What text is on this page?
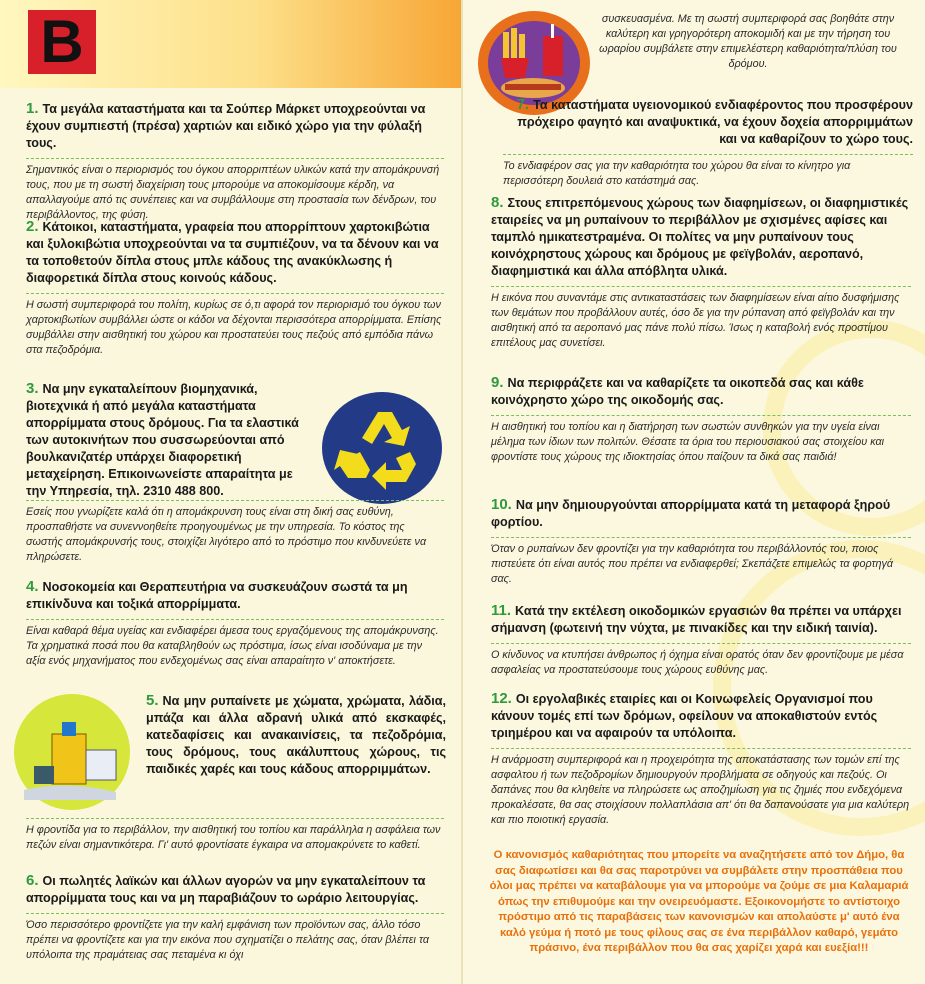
B

1. Τα μεγάλα καταστήματα και τα Σούπερ Μάρκετ υποχρεούνται να έχουν συμπιεστή (πρέσα) χαρτιών και ειδικό χώρο για την φύλαξή τους.

Σημαντικός είναι ο περιορισμός του όγκου απορριπτέων υλικών κατά την απομάκρυνσή τους, που με τη σωστή διαχείριση τους μπορούμε να αποκομίσουμε κέρδη, να απαλλαγούμε από τις συνέπειες και να συμβάλλουμε στη προστασία των δένδρων, του περιβάλλοντος, της φύση.

2. Κάτοικοι, καταστήματα, γραφεία που απορρίπτουν χαρτοκιβώτια και ξυλοκιβώτια υποχρεούνται να τα συμπιέζουν, να τα δένουν και να τα τοποθετούν δίπλα στους μπλε κάδους της ανακύκλωσης ή διαφορετικά δίπλα στους κοινούς κάδους.

Η σωστή συμπεριφορά του πολίτη, κυρίως σε ό,τι αφορά τον περιορισμό του όγκου των χαρτοκιβωτίων συμβάλλει ώστε οι κάδοι να δέχονται περισσότερα απορρίμματα. Επίσης συμβάλλει στην αισθητική του χώρου και προστατεύει τους πεζούς από εμπόδια πάνω στα πεζοδρόμια.

3. Να μην εγκαταλείπουν βιομηχανικά, βιοτεχνικά ή από μεγάλα καταστήματα απορρίμματα στους δρόμους. Για τα ελαστικά των αυτοκινήτων που συσσωρεύονται από βουλκανιζατέρ υπάρχει διαφορετική μεταχείρηση. Επικοινωνείστε απαραίτητα με την Υπηρεσία, τηλ. 2310 488 800.

Εσείς που γνωρίζετε καλά ότι η απομάκρυνση τους είναι στη δική σας ευθύνη, προσπαθήστε να συνεννοηθείτε προηγουμένως με την υπηρεσία. Το κόστος της σωστής απομάκρυνσής τους, στοιχίζει λιγότερο από το πρόστιμο που κινδυνεύετε να πληρώσετε.

4. Νοσοκομεία και Θεραπευτήρια να συσκευάζουν σωστά τα μη επικίνδυνα και τοξικά απορρίμματα.

Είναι καθαρά θέμα υγείας και ενδιαφέρει άμεσα τους εργαζόμενους της απομάκρυνσης. Τα χρηματικά ποσά που θα καταβληθούν ως πρόστιμα, ίσως είναι ισοδύναμα με την αξία ενός μηχανήματος που ενδεχομένως σας είναι απαραίτητο ν' αποκτήσετε.

5. Να μην ρυπαίνετε με χώματα, χρώματα, λάδια, μπάζα και άλλα αδρανή υλικά από εκσκαφές, κατεδαφίσεις και ανακαινίσεις, τα πεζοδρόμια, τους δρόμους, τους ακάλυπτους χώρους, τις παιδικές χαρές και τους κάδους απορριμμάτων.

Η φροντίδα για το περιβάλλον, την αισθητική του τοπίου και παράλληλα η ασφάλεια των πεζών είναι σημαντικότερα. Γι' αυτό φροντίσατε έγκαιρα να απομακρύνετε το καθετί.

6. Οι πωλητές λαϊκών και άλλων αγορών να μην εγκαταλείπουν τα απορρίμματα τους και να μη παραβιάζουν το ωράριο λειτουργίας.

Όσο περισσότερο φροντίζετε για την καλή εμφάνιση των προϊόντων σας, άλλο τόσο πρέπει να φροντίζετε και για την εικόνα που σχηματίζει ο πελάτης σας, όταν βλέπει τα υπόλοιπα της πραμάτειας σας πεταμένα κι όχι

συσκευασμένα. Με τη σωστή συμπεριφορά σας βοηθάτε στην καλύτερη και γρηγορότερη αποκομιδή και με την τήρηση του ωραρίου συμβάλετε στην επιμελέστερη καθαριότητα/πλύση του δρόμου.

7. Τα καταστήματα υγειονομικού ενδιαφέροντος που προσφέρουν πρόχειρο φαγητό και αναψυκτικά, να έχουν δοχεία απορριμμάτων και να καθαρίζουν το χώρο τους.

Το ενδιαφέρον σας για την καθαριότητα του χώρου θα είναι το κίνητρο για περισσότερη δουλειά στο κατάστημά σας.

8. Στους επιτρεπόμενους χώρους των διαφημίσεων, οι διαφημιστικές εταιρείες να μη ρυπαίνουν το περιβάλλον με σχισμένες αφίσες και ταμπλό ημικατεστραμένα. Οι πολίτες να μην ρυπαίνουν τους κοινόχρηστους χώρους και δρόμους με φεϊγβολάν, αεροπανό, διαφημιστικά και άλλα απόβλητα υλικά.

Η εικόνα που συναντάμε στις αντικαταστάσεις των διαφημίσεων είναι αίτιο δυσφήμισης των θεμάτων που προβάλλουν αυτές, όσο δε για την ρύπανση από φεϊγβολάν και την αισθητική από τα αεροπανό μας πάνε πολύ πίσω. Ίσως η καταβολή ενός προστίμου επιτέλους μας συνετίσει.

9. Να περιφράζετε και να καθαρίζετε τα οικοπεδά σας και κάθε κοινόχρηστο χώρο της οικοδομής σας.

Η αισθητική του τοπίου και η διατήρηση των σωστών συνθηκών για την υγεία είναι μέλημα των ίδιων των πολιτών. Θέσατε τα όρια του περιουσιακού σας στοιχείου και φροντίστε τους χώρους της ιδιοκτησίας όπου παίζουν τα δικά σας παιδιά!

10. Να μην δημιουργούνται απορρίμματα κατά τη μεταφορά ξηρού φορτίου.

Όταν ο ρυπαίνων δεν φροντίζει για την καθαριότητα του περιβάλλοντός του, ποιος πιστεύετε ότι είναι αυτός που πρέπει να ενδιαφερθεί; Σκεπάζετε επιμελώς τα φορτηγά σας.

11. Κατά την εκτέλεση οικοδομικών εργασιών θα πρέπει να υπάρχει σήμανση (φωτεινή την νύχτα, με πινακίδες και την ειδική ταινία).

Ο κίνδυνος να κτυπήσει άνθρωπος ή όχημα είναι ορατός όταν δεν φροντίζουμε με μέσα ασφαλείας να προστατεύσουμε τους χώρους ευθύνης μας.

12. Οι εργολαβικές εταιρίες και οι Κοινωφελείς Οργανισμοί που κάνουν τομές επί των δρόμων, οφείλουν να αποκαθιστούν εντός τριημέρου και να αφαιρούν τα υπόλοιπα.

Η ανάρμοστη συμπεριφορά και η προχειρότητα της αποκατάστασης των τομών επί της ασφαλτου ή των πεζοδρομίων δημιουργούν προβλήματα σε οδηγούς και πεζούς. Οι δαπάνες που θα κληθείτε να πληρώσετε ως αποζημίωση για τις ζημιές που ενδεχόμενα προκαλέσατε, θα σας στοιχίσουν πολλαπλάσια απ' ότι θα δαπανούσατε για μια καλύτερη και πιο ποιοτική εργασία.

Ο κανονισμός καθαριότητας που μπορείτε να αναζητήσετε από τον Δήμο, θα σας διαφωτίσει και θα σας παροτρύνει να συμβάλετε στην προσπάθεια που όλοι μας πρέπει να καταβάλουμε για να μπορούμε να ζούμε σε μια Καλαμαριά όπως την επιθυμούμε και την ονειρευόμαστε. Εξοικονομήστε το αντίστοιχο πρόστιμο από τις παραβάσεις των κανονισμών και απολαύστε μ' αυτό ένα καλό γεύμα ή ποτό με τους φίλους σας σε ένα περιβάλλον καθαρό, γεμάτο πράσινο, ένα περιβάλλον που θα σας χαρίζει χαρά και ευεξία!!!
